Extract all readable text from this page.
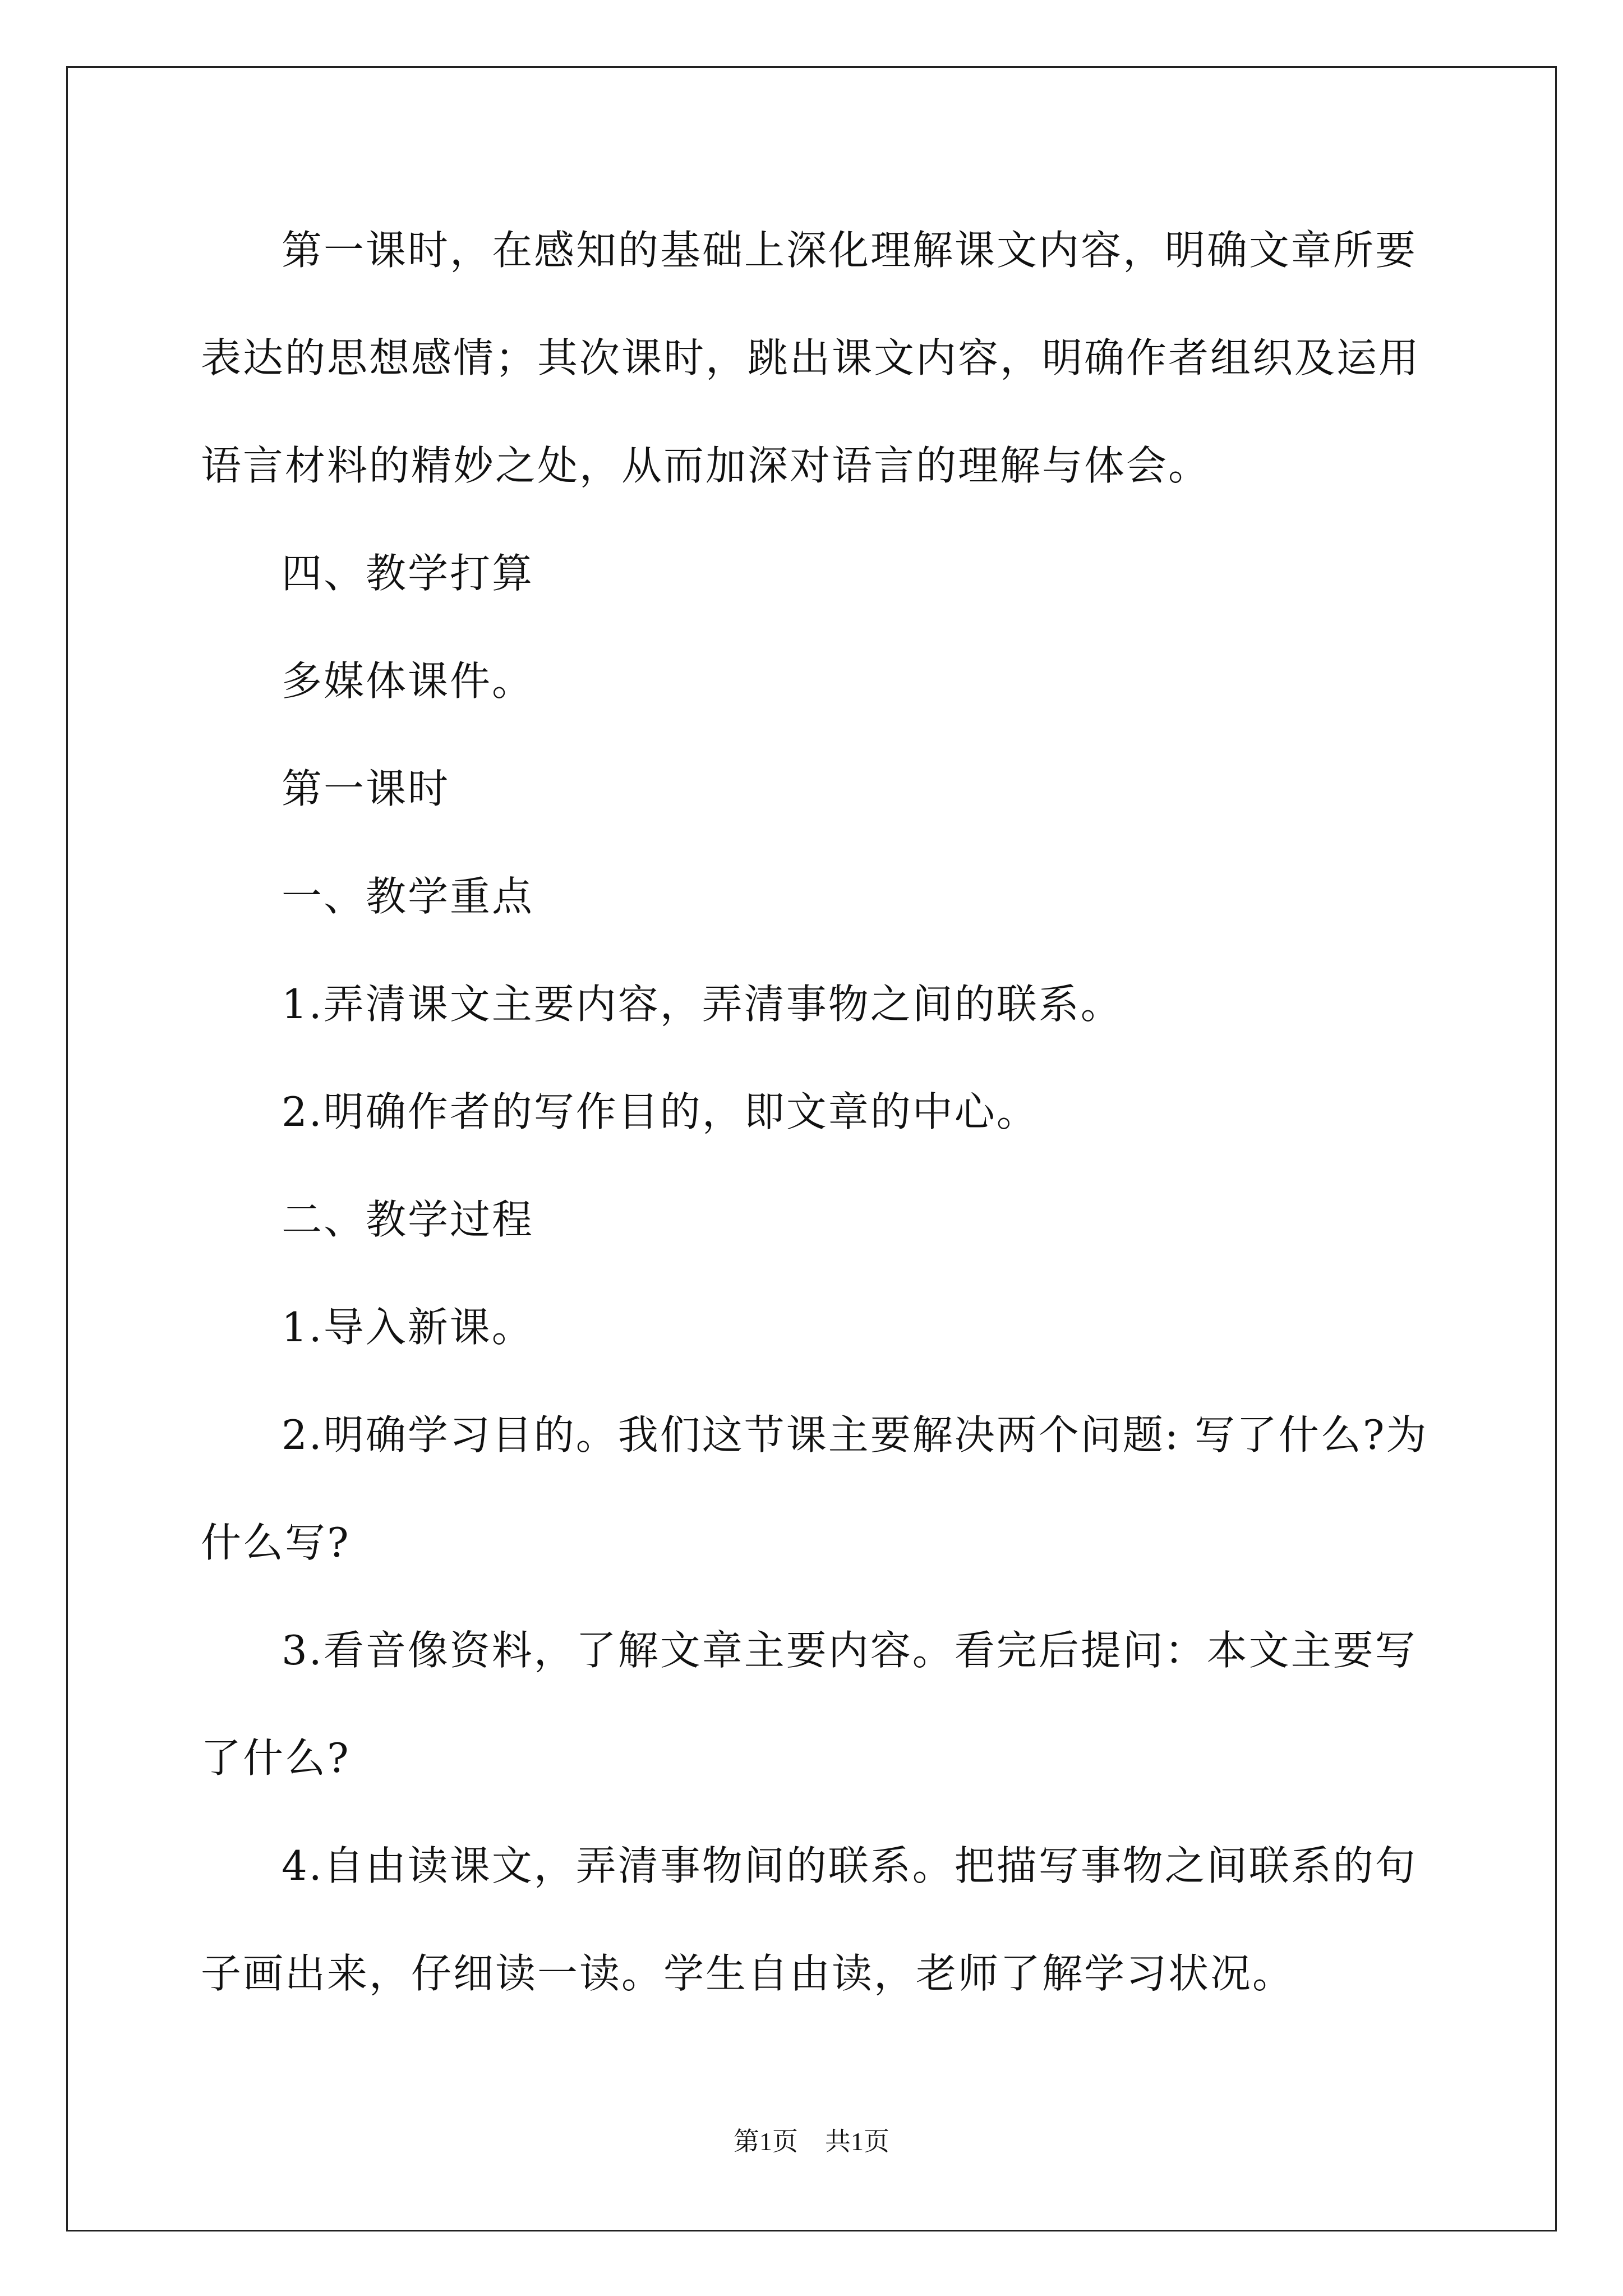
第一课时，在感知的基础上深化理解课文内容，明确文章所要表达的思想感情；其次课时，跳出课文内容，明确作者组织及运用语言材料的精妙之处，从而加深对语言的理解与体会。

四、教学打算

多媒体课件。

第一课时

一、教学重点

1.弄清课文主要内容，弄清事物之间的联系。

2.明确作者的写作目的，即文章的中心。

二、教学过程

1.导入新课。

2.明确学习目的。我们这节课主要解决两个问题: 写了什么?为什么写?

3.看音像资料，了解文章主要内容。看完后提问：本文主要写了什么?

4.自由读课文，弄清事物间的联系。把描写事物之间联系的句子画出来，仔细读一读。学生自由读，老师了解学习状况。

第1页 共1页
